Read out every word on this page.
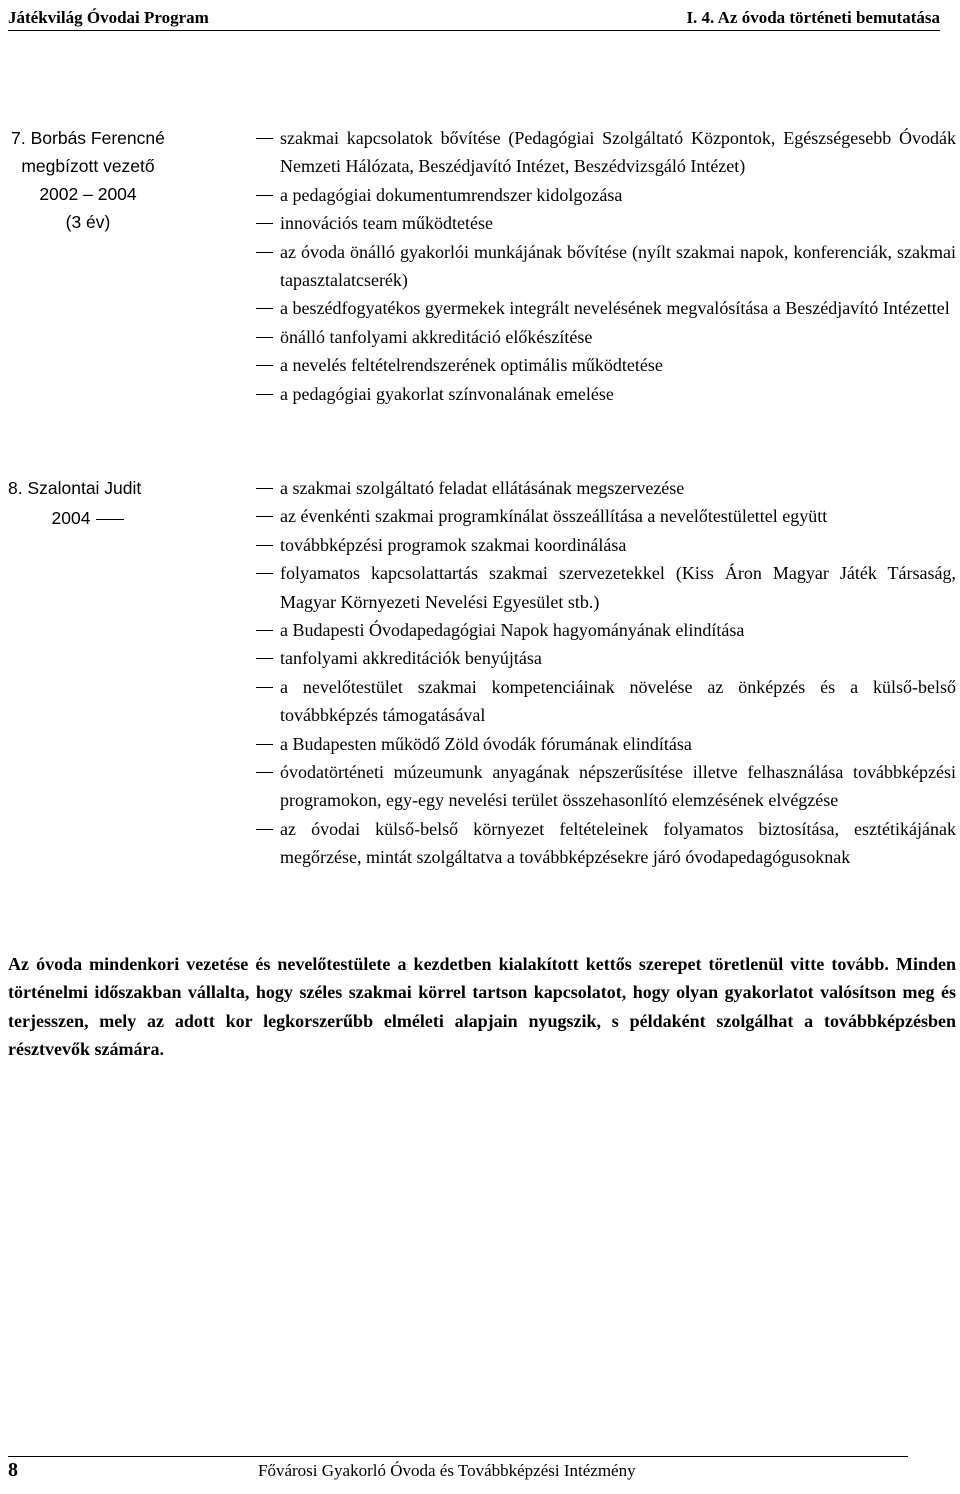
Játékvilág Óvodai Program	I. 4. Az óvoda történeti bemutatása
7. Borbás Ferencné
megbízott vezető
2002 – 2004
(3 év)
szakmai kapcsolatok bővítése (Pedagógiai Szolgáltató Központok, Egészségesebb Óvodák Nemzeti Hálózata, Beszédjavító Intézet, Beszédvizsgáló Intézet)
a pedagógiai dokumentumrendszer kidolgozása
innovációs team működtetése
az óvoda önálló gyakorlói munkájának bővítése (nyílt szakmai napok, konferenciák, szakmai tapasztalatcserék)
a beszédfogyatékos gyermekek integrált nevelésének megvalósítása a Beszédjavító Intézettel
önálló tanfolyami akkreditáció előkészítése
a nevelés feltételrendszerének optimális működtetése
a pedagógiai gyakorlat színvonalának emelése
8. Szalontai Judit
2004
a szakmai szolgáltató feladat ellátásának megszervezése
az évenkénti szakmai programkínálat összeállítása a nevelőtestülettel együtt
továbbképzési programok szakmai koordinálása
folyamatos kapcsolattartás szakmai szervezetekkel (Kiss Áron Magyar Játék Társaság, Magyar Környezeti Nevelési Egyesület stb.)
a Budapesti Óvodapedagógiai Napok hagyományának elindítása
tanfolyami akkreditációk benyújtása
a nevelőtestület szakmai kompetenciáinak növelése az önképzés és a külső-belső továbbképzés támogatásával
a Budapesten működő Zöld óvodák fórumának elindítása
óvodatörténeti múzeumunk anyagának népszerűsítése illetve felhasználása továbbképzési programokon, egy-egy nevelési terület összehasonlító elemzésének elvégzése
az óvodai külső-belső környezet feltételeinek folyamatos biztosítása, esztétikájának megőrzése, mintát szolgáltatva a továbbképzésekre járó óvodapedagógusoknak
Az óvoda mindenkori vezetése és nevelőtestülete a kezdetben kialakított kettős szerepet töretlenül vitte tovább. Minden történelmi időszakban vállalta, hogy széles szakmai körrel tartson kapcsolatot, hogy olyan gyakorlatot valósítson meg és terjesszen, mely az adott kor legkorszerűbb elméleti alapjain nyugszik, s példaként szolgálhat a továbbképzésben résztvevők számára.
8	Fővárosi Gyakorló Óvoda és Továbbképzési Intézmény
